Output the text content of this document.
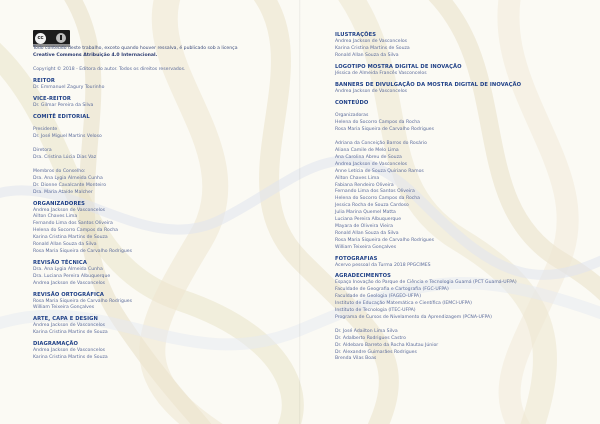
cc
Todo conteúdo deste trabalho, exceto quando houver ressalva, é publicado sob a licença
Creative Commons Atribuição 4.0 Internacional.
Copyright © 2018 - Editora do autor. Todos os direitos reservados.
REITOR
Dr. Emmanuel Zagury Tourinho
VICE-REITOR
Dr. Gilmar Pereira da Silva
COMITÊ EDITORIAL

Presidente
Dr. José Miguel Martins Veloso

Diretora
Dra. Cristina Lúcia Dias Vaz

Membros do Conselho:
Dra. Ana Lygia Almeida Cunha
Dr. Dionne Cavalcante Monteiro
Dra. Maria Ataíde Malcher
ORGANIZADORES
Andrea Jackson de Vasconcelos
Ailton Chaves Lima
Fernando Lima dos Santos Oliveira
Helena do Socorro Campos da Rocha
Karina Cristina Martins de Souza
Ronald Allan Souza da Silva
Rosa Maria Siqueira de Carvalho Rodrigues
REVISÃO TÉCNICA
Dra. Ana Lygia Almeida Cunha
Dra. Luciana Pereira Albuquerque
Andrea Jackson de Vasconcelos
REVISÃO ORTOGRÁFICA
Rosa Maria Siqueira de Carvalho Rodrigues
William Teixeira Gonçalves
ARTE, CAPA E DESIGN
Andrea Jackson de Vasconcelos
Karina Cristina Martins de Souza
DIAGRAMAÇÃO
Andrea Jackson de Vasconcelos
Karina Cristina Martins de Souza
ILUSTRAÇÕES
Andrea Jackson de Vasconcelos
Karina Cristina Martins de Souza
Ronald Allan Souza da Silva
LOGOTIPO MOSTRA DIGITAL DE INOVAÇÃO
Jéssica de Almeida Francês Vasconcelos
BANNERS DE DIVULGAÇÃO DA MOSTRA DIGITAL DE INOVAÇÃO
Andrea Jackson de Vasconcelos
CONTEÚDO

Organizadoras
Helena do Socorro Campos da Rocha
Rosa Maria Siqueira de Carvalho Rodrigues

Adriana da Conceição Barros do Rosário
Aliana Camile de Melo Lima
Ana Carolina Abreu de Souza
Andrea Jackson de Vasconcelos
Anne Letícia de Souza Quiriano Ramos
Ailton Chaves Lima
Fabiana Rendeiro Oliveira
Fernando Lima dos Santos Oliveira
Helena do Socorro Campos da Rocha
Jessica Rocha de Souza Cardoso
Julia Marina Quemel Matta
Luciana Pereira Albuquerque
Mayara de Oliveira Vieira
Ronald Allan Souza da Silva
Rosa Maria Siqueira de Carvalho Rodrigues
William Teixeira Gonçalves
FOTOGRAFIAS
Acervo pessoal da Turma 2018 PPGCIMES
AGRADECIMENTOS
Espaço Inovação do Parque de Ciência e Tecnologia Guamá (PCT Guamá-UFPA)
Faculdade de Geografia e Cartografia (FGC-UFPA)
Faculdade de Geologia (FAGEO-UFPA)
Instituto de Educação Matemática e Científica (IEMCI-UFPA)
Instituto de Tecnologia (ITEC-UFPA)
Programa de Cursos de Nivelamento da Aprendizagem (PCNA-UFPA)

Dr. José Adailton Lima Silva
Dr. Adalberto Rodrigues Castro
Dr. Aldebaro Barreto da Rocha Klautau Júnior
Dr. Alexandre Guimarães Rodrigues
Brenda Vilas Boas
